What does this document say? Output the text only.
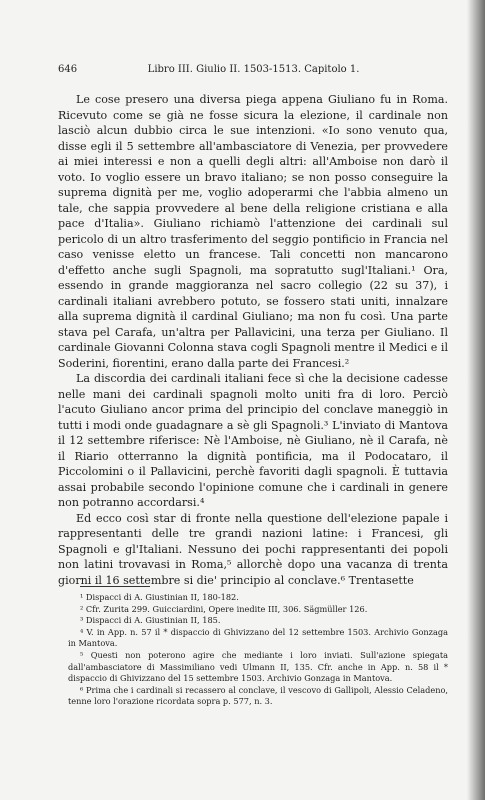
646	Libro III. Giulio II. 1503-1513. Capitolo 1.

Le cose presero una diversa piega appena Giuliano fu in Roma. Ricevuto come se già ne fosse sicura la elezione, il cardinale non lasciò alcun dubbio circa le sue intenzioni. «Io sono venuto qua, disse egli il 5 settembre all'ambasciatore di Venezia, per provvedere ai miei interessi e non a quelli degli altri: all'Amboise non darò il voto. Io voglio essere un bravo italiano; se non posso conseguire la suprema dignità per me, voglio adoperarmi che l'abbia almeno un tale, che sappia provvedere al bene della religione cristiana e alla pace d'Italia». Giuliano richiamò l'attenzione dei cardinali sul pericolo di un altro trasferimento del seggio pontificio in Francia nel caso venisse eletto un francese. Tali concetti non mancarono d'effetto anche sugli Spagnoli, ma sopratutto sugl'Italiani.¹ Ora, essendo in grande maggioranza nel sacro collegio (22 su 37), i cardinali italiani avrebbero potuto, se fossero stati uniti, innalzare alla suprema dignità il cardinal Giuliano; ma non fu così. Una parte stava pel Carafa, un'altra per Pallavicini, una terza per Giuliano. Il cardinale Giovanni Colonna stava cogli Spagnoli mentre il Medici e il Soderini, fiorentini, erano dalla parte dei Francesi.²

La discordia dei cardinali italiani fece sì che la decisione cadesse nelle mani dei cardinali spagnoli molto uniti fra di loro. Perciò l'acuto Giuliano ancor prima del principio del conclave maneggiò in tutti i modi onde guadagnare a sè gli Spagnoli.³ L'inviato di Mantova il 12 settembre riferisce: Nè l'Amboise, nè Giuliano, nè il Carafa, nè il Riario otterranno la dignità pontificia, ma il Podocataro, il Piccolomini o il Pallavicini, perchè favoriti dagli spagnoli. È tuttavia assai probabile secondo l'opinione comune che i cardinali in genere non potranno accordarsi.⁴

Ed ecco così star di fronte nella questione dell'elezione papale i rappresentanti delle tre grandi nazioni latine: i Francesi, gli Spagnoli e gl'Italiani. Nessuno dei pochi rappresentanti dei popoli non latini trovavasi in Roma,⁵ allorchè dopo una vacanza di trenta giorni il 16 settembre si die' principio al conclave.⁶ Trentasette

¹ Dispacci di A. Giustinian II, 180-182.

² Cfr. Zurita 299. Guicciardini, Opere inedite III, 306. Sägmüller 126.

³ Dispacci di A. Giustinian II, 185.

⁴ V. in App. n. 57 il * dispaccio di Ghivizzano del 12 settembre 1503. Archivio Gonzaga in Mantova.

⁵ Questi non poterono agire che mediante i loro inviati. Sull'azione spiegata dall'ambasciatore di Massimiliano vedi Ulmann II, 135. Cfr. anche in App. n. 58 il * dispaccio di Ghivizzano del 15 settembre 1503. Archivio Gonzaga in Mantova.

⁶ Prima che i cardinali si recassero al conclave, il vescovo di Gallipoli, Alessio Celadeno, tenne loro l'orazione ricordata sopra p. 577, n. 3.
